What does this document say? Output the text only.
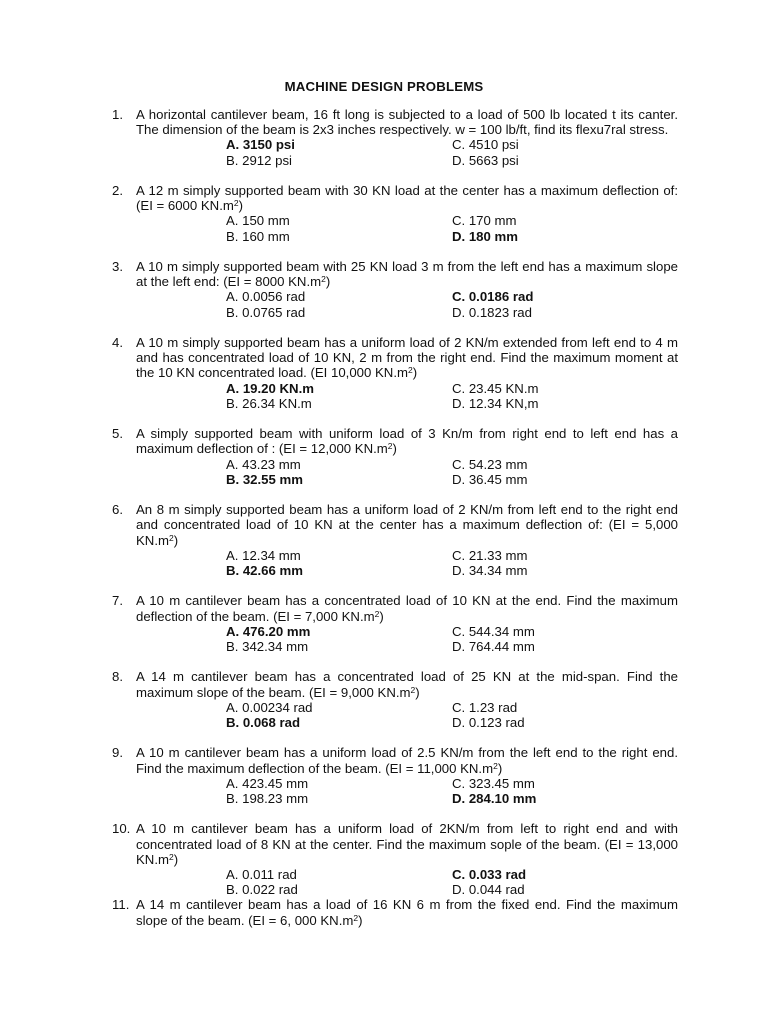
MACHINE DESIGN PROBLEMS
1. A horizontal cantilever beam, 16 ft long is subjected to a load of 500 lb located t its canter. The dimension of the beam is 2x3 inches respectively. w = 100 lb/ft, find its flexu7ral stress.
A. 3150 psi	C. 4510 psi
B. 2912 psi	D. 5663 psi
2. A 12 m simply supported beam with 30 KN load at the center has a maximum deflection of: (EI = 6000 $KN.m^2$)
A. 150 mm	C. 170 mm
B. 160 mm	D. 180 mm
3. A 10 m simply supported beam with 25 KN load 3 m from the left end has a maximum slope at the left end: (EI = 8000 $KN.m^2$)
A. 0.0056 rad	C. 0.0186 rad
B. 0.0765 rad	D. 0.1823 rad
4. A 10 m simply supported beam has a uniform load of 2 KN/m extended from left end to 4 m and has concentrated load of 10 KN, 2 m from the right end. Find the maximum moment at the 10 KN concentrated load. (EI 10,000 $KN.m^2$)
A. 19.20 KN.m	C. 23.45 KN.m
B. 26.34 KN.m	D. 12.34 KN,m
5. A simply supported beam with uniform load of 3 Kn/m from right end to left end has a maximum deflection of : (EI = 12,000 $KN.m^2$)
A. 43.23 mm	C. 54.23 mm
B. 32.55 mm	D. 36.45 mm
6. An 8 m simply supported beam has a uniform load of 2 KN/m from left end to the right end and concentrated load of 10 KN at the center has a maximum deflection of: (EI = 5,000 $KN.m^2$)
A. 12.34 mm	C. 21.33 mm
B. 42.66 mm	D. 34.34 mm
7. A 10 m cantilever beam has a concentrated load of 10 KN at the end. Find the maximum deflection of the beam. (EI = 7,000 $KN.m^2$)
A. 476.20 mm	C. 544.34 mm
B. 342.34 mm	D. 764.44 mm
8. A 14 m cantilever beam has a concentrated load of 25 KN at the mid-span. Find the maximum slope of the beam. (EI = 9,000 $KN.m^2$)
A. 0.00234 rad	C. 1.23 rad
B. 0.068 rad	D. 0.123 rad
9. A 10 m cantilever beam has a uniform load of 2.5 KN/m from the left end to the right end. Find the maximum deflection of the beam. (EI = 11,000 $KN.m^2$)
A. 423.45 mm	C. 323.45 mm
B. 198.23 mm	D. 284.10 mm
10. A 10 m cantilever beam has a uniform load of 2KN/m from left to right end and with concentrated load of 8 KN at the center. Find the maximum sople of the beam. (EI = 13,000 $KN.m^2$)
A. 0.011 rad	C. 0.033 rad
B. 0.022 rad	D. 0.044 rad
11. A 14 m cantilever beam has a load of 16 KN 6 m from the fixed end. Find the maximum slope of the beam. (EI = 6, 000 $KN.m^2$)
